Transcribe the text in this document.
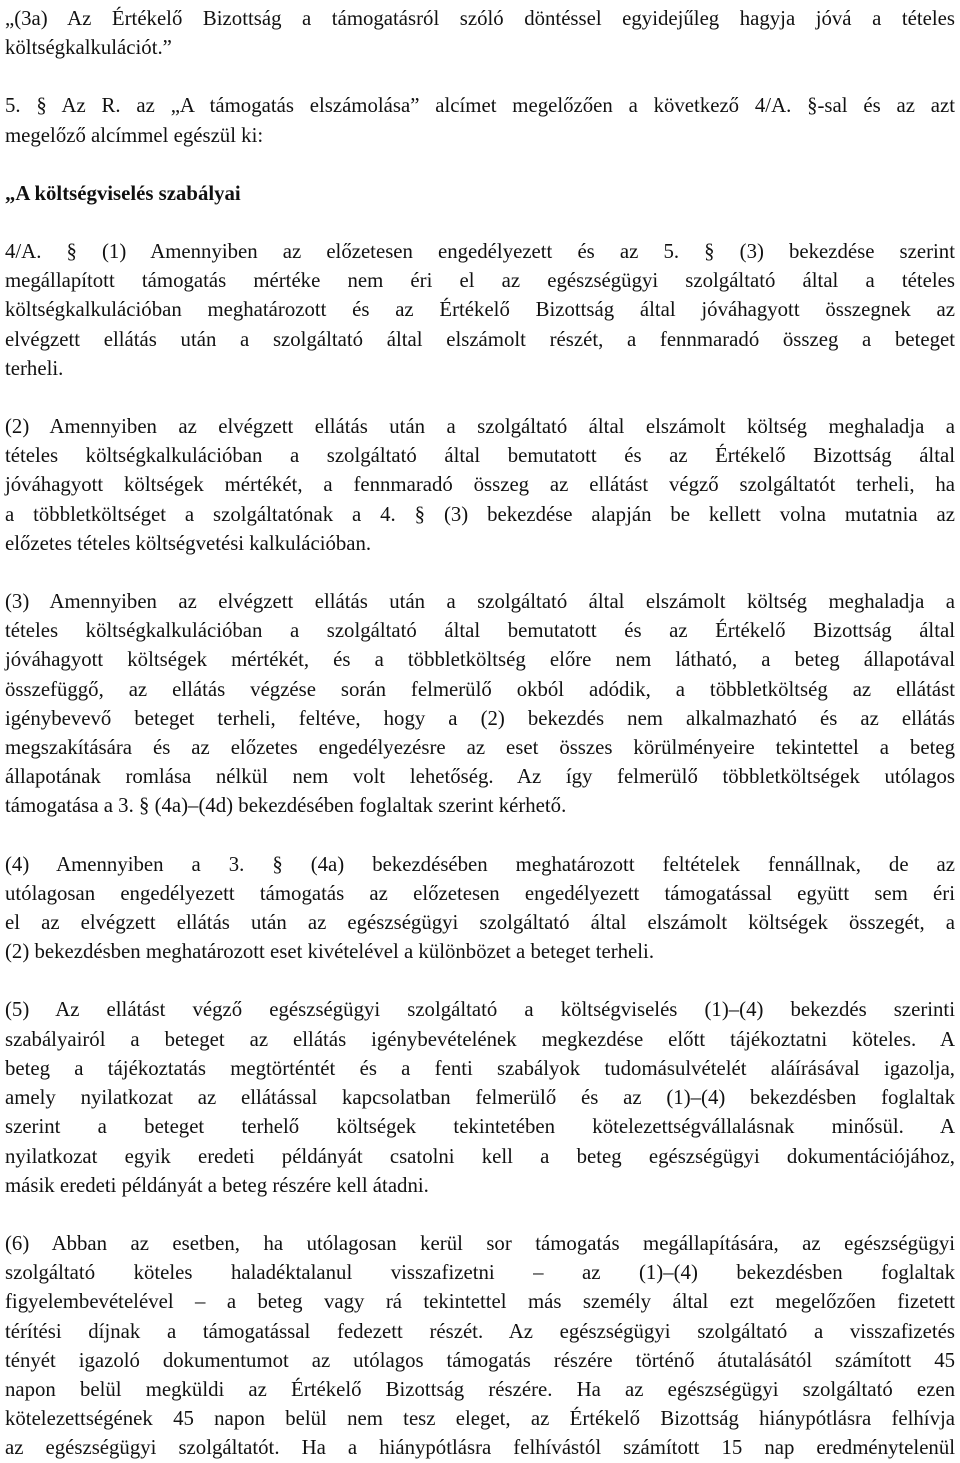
„(3a) Az Értékelő Bizottság a támogatásról szóló döntéssel egyidejűleg hagyja jóvá a tételes
költségkalkulációt.”
5. § Az R. az „A támogatás elszámolása” alcímet megelőzően a következő 4/A. §-sal és az azt
megelőző alcímmel egészül ki:
„A költségviselés szabályai
4/A. § (1) Amennyiben az előzetesen engedélyezett és az 5. § (3) bekezdése szerint
megállapított támogatás mértéke nem éri el az egészségügyi szolgáltató által a tételes
költségkalkulációban meghatározott és az Értékelő Bizottság által jóváhagyott összegnek az
elvégzett ellátás után a szolgáltató által elszámolt részét, a fennmaradó összeg a beteget
terheli.
(2) Amennyiben az elvégzett ellátás után a szolgáltató által elszámolt költség meghaladja a
tételes költségkalkulációban a szolgáltató által bemutatott és az Értékelő Bizottság által
jóváhagyott költségek mértékét, a fennmaradó összeg az ellátást végző szolgáltatót terheli, ha
a többletköltséget a szolgáltatónak a 4. § (3) bekezdése alapján be kellett volna mutatnia az
előzetes tételes költségvetési kalkulációban.
(3) Amennyiben az elvégzett ellátás után a szolgáltató által elszámolt költség meghaladja a
tételes költségkalkulációban a szolgáltató által bemutatott és az Értékelő Bizottság által
jóváhagyott költségek mértékét, és a többletköltség előre nem látható, a beteg állapotával
összefüggő, az ellátás végzése során felmerülő okból adódik, a többletköltség az ellátást
igénybevevő beteget terheli, feltéve, hogy a (2) bekezdés nem alkalmazható és az ellátás
megszakítására és az előzetes engedélyezésre az eset összes körülményeire tekintettel a beteg
állapotának romlása nélkül nem volt lehetőség. Az így felmerülő többletköltségek utólagos
támogatása a 3. § (4a)–(4d) bekezdésében foglaltak szerint kérhető.
(4) Amennyiben a 3. § (4a) bekezdésében meghatározott feltételek fennállnak, de az
utólagosan engedélyezett támogatás az előzetesen engedélyezett támogatással együtt sem éri
el az elvégzett ellátás után az egészségügyi szolgáltató által elszámolt költségek összegét, a
(2) bekezdésben meghatározott eset kivételével a különbözet a beteget terheli.
(5) Az ellátást végző egészségügyi szolgáltató a költségviselés (1)–(4) bekezdés szerinti
szabályairól a beteget az ellátás igénybevételének megkezdése előtt tájékoztatni köteles. A
beteg a tájékoztatás megtörténtét és a fenti szabályok tudomásulvételét aláírásával igazolja,
amely nyilatkozat az ellátással kapcsolatban felmerülő és az (1)–(4) bekezdésben foglaltak
szerint a beteget terhelő költségek tekintetében kötelezettségvállalásnak minősül. A
nyilatkozat egyik eredeti példányát csatolni kell a beteg egészségügyi dokumentációjához,
másik eredeti példányát a beteg részére kell átadni.
(6) Abban az esetben, ha utólagosan kerül sor támogatás megállapítására, az egészségügyi
szolgáltató köteles haladéktalanul visszafizetni – az (1)–(4) bekezdésben foglaltak
figyelembevételével – a beteg vagy rá tekintettel más személy által ezt megelőzően fizetett
térítési díjnak a támogatással fedezett részét. Az egészségügyi szolgáltató a visszafizetés
tényét igazoló dokumentumot az utólagos támogatás részére történő átutalásától számított 45
napon belül megküldi az Értékelő Bizottság részére. Ha az egészségügyi szolgáltató ezen
kötelezettségének 45 napon belül nem tesz eleget, az Értékelő Bizottság hiánypótlásra felhívja
az egészségügyi szolgáltatót. Ha a hiánypótlásra felhívástól számított 15 nap eredménytelenül
